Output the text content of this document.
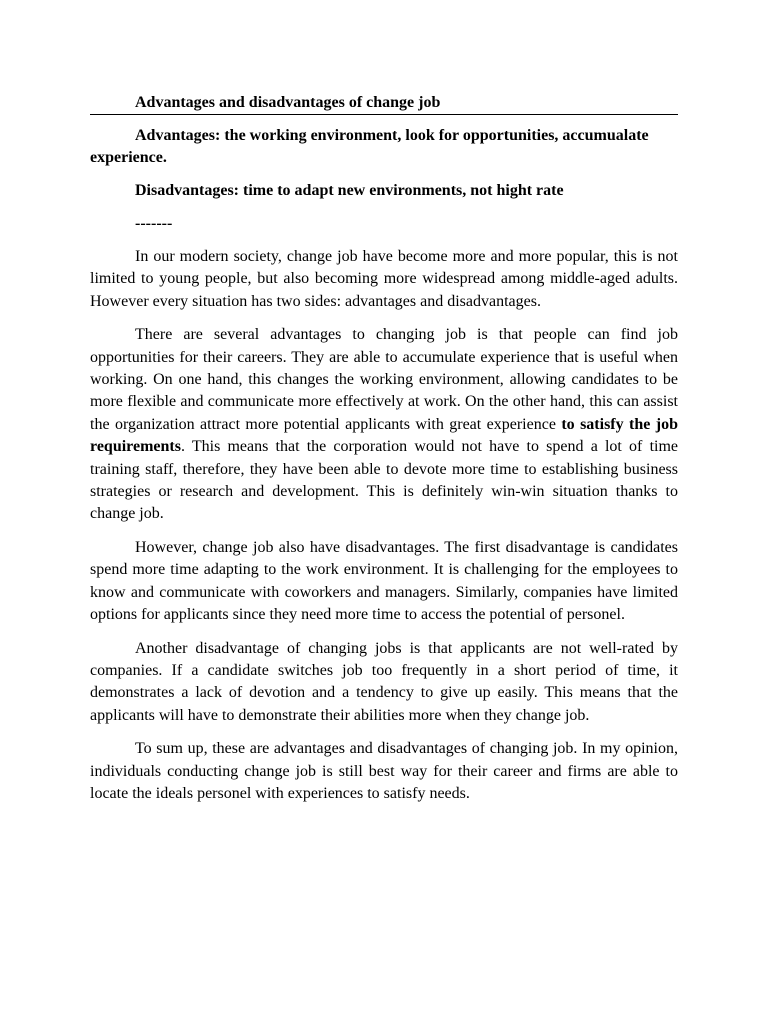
Advantages and disadvantages of change job

Advantages: the working environment, look for opportunities, accumualate experience.

Disadvantages: time to adapt new environments, not hight rate

-------

In our modern society, change job have become more and more popular, this is not limited to young people, but also becoming more widespread among middle-aged adults. However every situation has two sides: advantages and disadvantages.

There are several advantages to changing job is that people can find job opportunities for their careers. They are able to accumulate experience that is useful when working. On one hand, this changes the working environment, allowing candidates to be more flexible and communicate more effectively at work. On the other hand, this can assist the organization attract more potential applicants with great experience to satisfy the job requirements. This means that the corporation would not have to spend a lot of time training staff, therefore, they have been able to devote more time to establishing business strategies or research and development. This is definitely win-win situation thanks to change job.

However, change job also have disadvantages. The first disadvantage is candidates spend more time adapting to the work environment. It is challenging for the employees to know and communicate with coworkers and managers. Similarly, companies have limited options for applicants since they need more time to access the potential of personel.

Another disadvantage of changing jobs is that applicants are not well-rated by companies. If a candidate switches job too frequently in a short period of time, it demonstrates a lack of devotion and a tendency to give up easily. This means that the applicants will have to demonstrate their abilities more when they change job.

To sum up, these are advantages and disadvantages of changing job. In my opinion, individuals conducting change job is still best way for their career and firms are able to locate the ideals personel with experiences to satisfy needs.
